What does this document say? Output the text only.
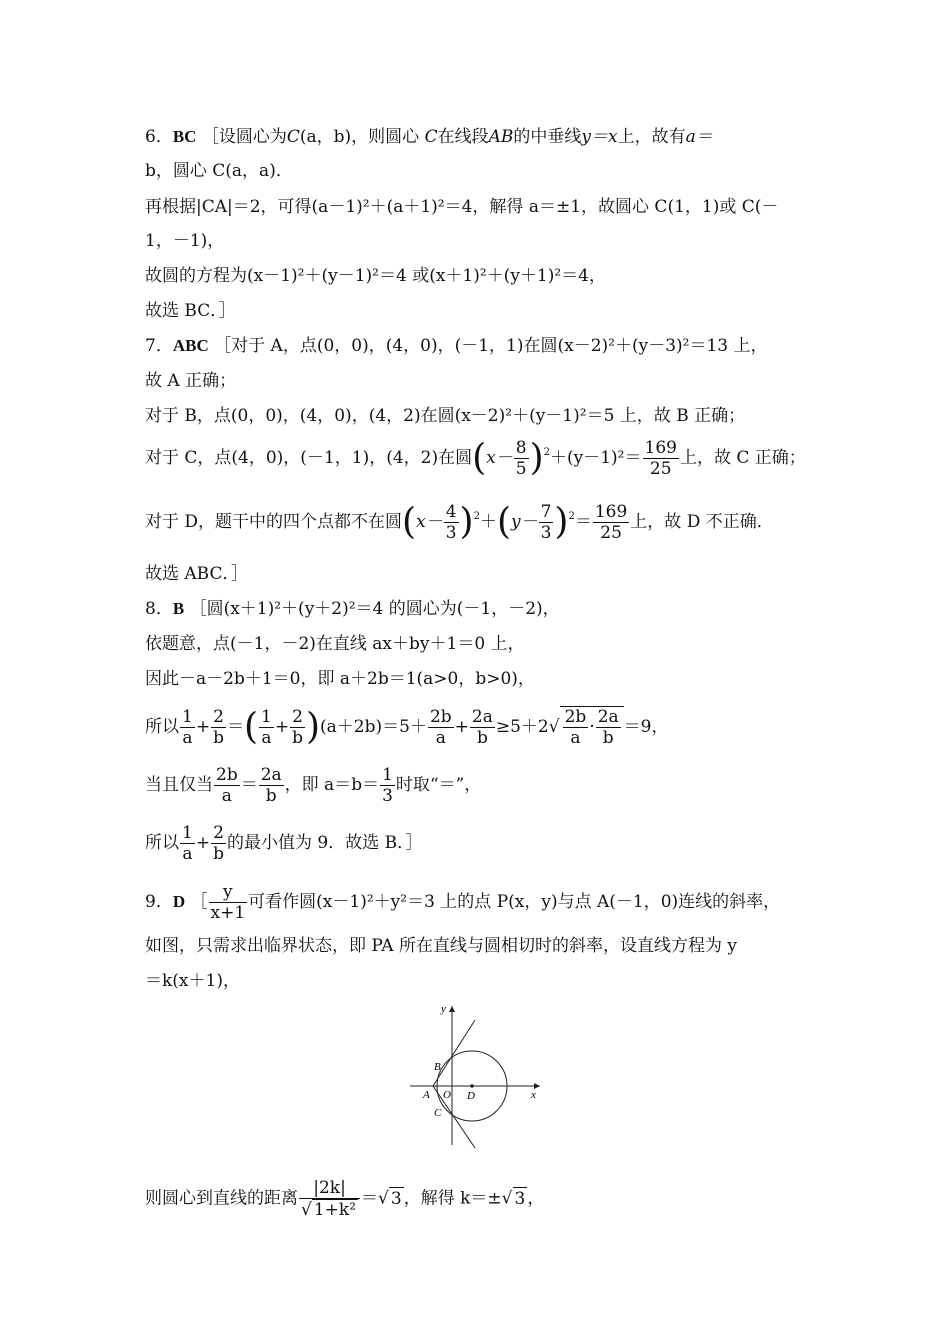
6．BC ［设圆心为C(a，b)，则圆心 C在线段AB的中垂线y＝x上，故有a＝
b，圆心 C(a，a)．
再根据|CA|＝2，可得(a－1)²＋(a＋1)²＝4，解得 a＝±1，故圆心 C(1，1)或 C(－
1，－1)，
故圆的方程为(x－1)²＋(y－1)²＝4 或(x＋1)²＋(y＋1)²＝4，
故选 BC．］
7．ABC ［对于 A，点(0，0)，(4，0)，(－1，1)在圆(x－2)²＋(y－3)²＝13 上，
故 A 正确；
对于 B，点(0，0)，(4，0)，(4，2)在圆(x－2)²＋(y－1)²＝5 上，故 B 正确；
对于 C，点(4，0)，(－1，1)，(4，2)在圆$(x- \frac{8}{5} )^2+(y-1)^2= \frac{169}{25}$ 上，故 C 正确；
对于 D，题干中的四个点都不在圆$(x- \frac{4}{3} )^2+(y- \frac{7}{3} )^2= \frac{169}{25}$ 上，故 D 不正确．
故选 ABC．］
8．B ［圆(x＋1)²＋(y＋2)²＝4 的圆心为(－1，－2)，
依题意，点(－1，－2)在直线 ax＋by＋1＝0 上，
因此－a－2b＋1＝0，即 a＋2b＝1(a>0，b>0)，
所以 $\frac{1}{a} + \frac{2}{b}$ ＝( $\frac{1}{a} + \frac{2}{b} )(a+2b)=5+ \frac{2b}{a} + \frac{2a}{b} \ge 5+2√ \frac{2b}{a} \cdot \frac{2a}{b} =9$，
当且仅当 $\frac{2b}{a} = \frac{2a}{b}$ ，即 $a=b= \frac{1}{3}$ 时取“＝”，
所以 $\frac{1}{a} + \frac{2}{b}$ 的最小值为 9．故选 B．］
9．D ［ $\frac{y}{x+1}$ 可看作圆(x－1)²＋y²＝3 上的点 P(x，y)与点 A(－1，0)连线的斜率，
如图，只需求出临界状态，即 PA 所在直线与圆相切时的斜率，设直线方程为 y
＝k(x＋1)，
y
x
A O
B
C
D
则圆心到直线的距离 $\frac{|2k|}{\text{√ 1+k²}}$ ＝√ 3 ，解得 k＝±√ 3 ，
